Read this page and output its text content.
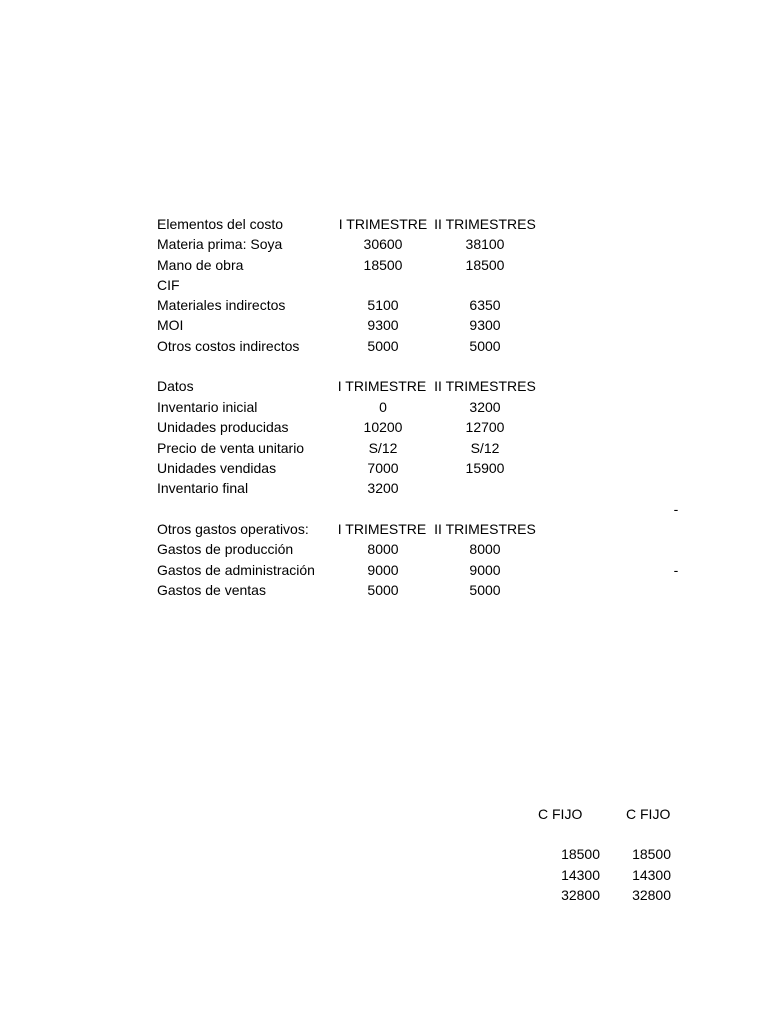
Elementos del costo	I TRIMESTRE II TRIMESTRES
Materia prima: Soya	30600	38100
Mano de obra	18500	18500
CIF
Materiales indirectos	5100	6350
MOI	9300	9300
Otros costos indirectos	5000	5000
Datos	I TRIMESTRE II TRIMESTRES
Inventario inicial	0	3200
Unidades producidas	10200	12700
Precio de venta unitario	S/12	S/12
Unidades vendidas	7000	15900
Inventario final	3200
-
Otros gastos operativos:	I TRIMESTRE II TRIMESTRES
Gastos de producción	8000	8000
Gastos de administración	9000	9000	-
Gastos de ventas	5000	5000
C FIJO	C FIJO
18500	18500
14300	14300
32800	32800
